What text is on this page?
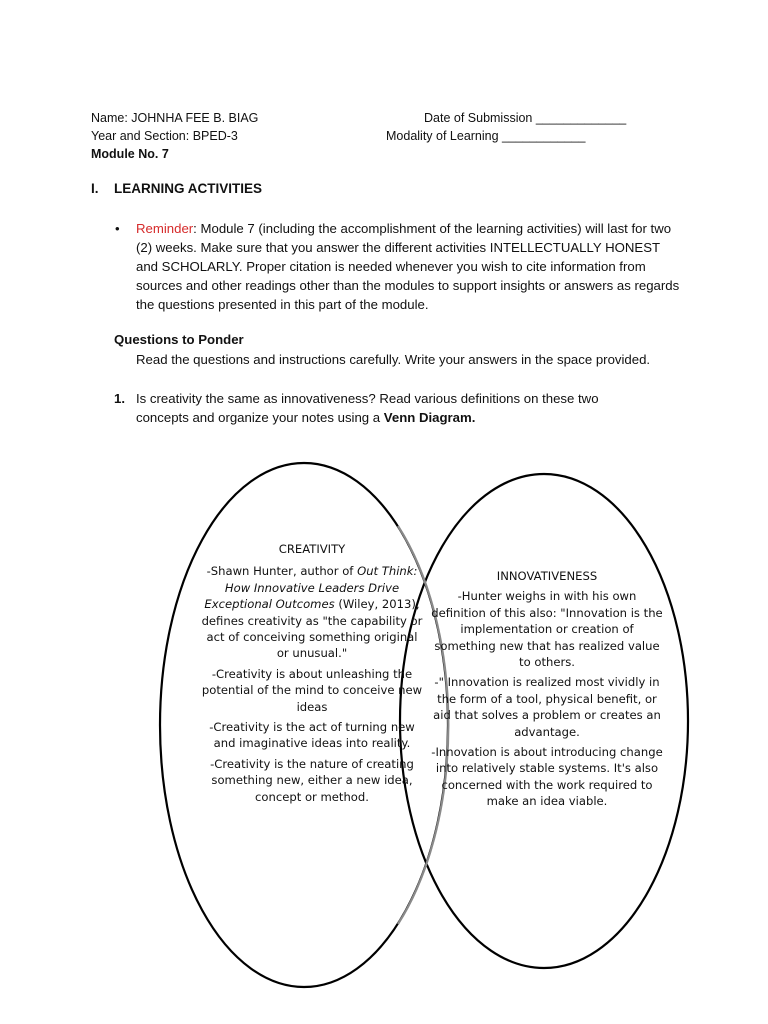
Name: JOHNHA FEE B. BIAG	Date of Submission _____________
Year and Section: BPED-3	Modality of Learning ____________
Module No. 7
I. LEARNING ACTIVITIES
• Reminder: Module 7 (including the accomplishment of the learning activities) will last for two (2) weeks. Make sure that you answer the different activities INTELLECTUALLY HONEST and SCHOLARLY. Proper citation is needed whenever you wish to cite information from sources and other readings other than the modules to support insights or answers as regards the questions presented in this part of the module.
Questions to Ponder
Read the questions and instructions carefully. Write your answers in the space provided.
1. Is creativity the same as innovativeness? Read various definitions on these two concepts and organize your notes using a Venn Diagram.
CREATIVITY

-Shawn Hunter, author of Out Think: How Innovative Leaders Drive Exceptional Outcomes (Wiley, 2013), defines creativity as "the capability or act of conceiving something original or unusual."

-Creativity is about unleashing the potential of the mind to conceive new ideas

-Creativity is the act of turning new and imaginative ideas into reality.

-Creativity is the nature of creating something new, either a new idea, concept or method.

INNOVATIVENESS

-Hunter weighs in with his own definition of this also: "Innovation is the implementation or creation of something new that has realized value to others.

-" Innovation is realized most vividly in the form of a tool, physical benefit, or aid that solves a problem or creates an advantage.

-Innovation is about introducing change into relatively stable systems. It's also concerned with the work required to make an idea viable.
